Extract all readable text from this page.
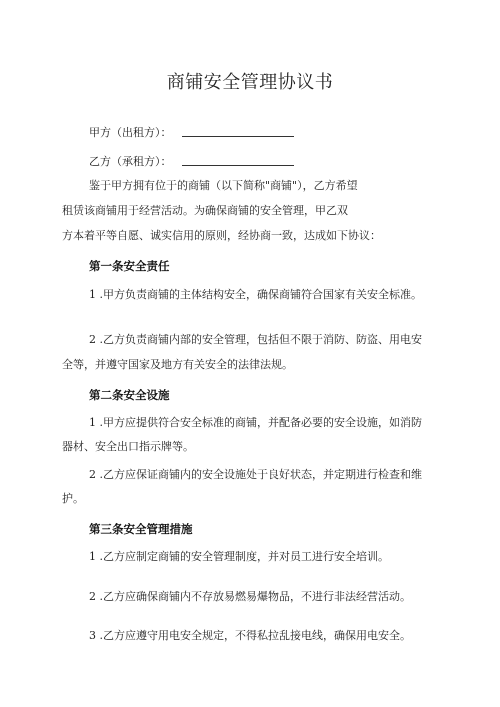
商铺安全管理协议书
甲方（出租方）：
乙方（承租方）：
鉴于甲方拥有位于的商铺（以下简称"商铺"），乙方希望
租赁该商铺用于经营活动。为确保商铺的安全管理，甲乙双
方本着平等自愿、诚实信用的原则，经协商一致，达成如下协议：
第一条安全责任
1 .甲方负责商铺的主体结构安全，确保商铺符合国家有关安全标准。
2 .乙方负责商铺内部的安全管理，包括但不限于消防、防盗、用电安
全等，并遵守国家及地方有关安全的法律法规。
第二条安全设施
1 .甲方应提供符合安全标准的商铺，并配备必要的安全设施，如消防
器材、安全出口指示牌等。
2 .乙方应保证商铺内的安全设施处于良好状态，并定期进行检查和维
护。
第三条安全管理措施
1 .乙方应制定商铺的安全管理制度，并对员工进行安全培训。
2 .乙方应确保商铺内不存放易燃易爆物品，不进行非法经营活动。
3 .乙方应遵守用电安全规定，不得私拉乱接电线，确保用电安全。
